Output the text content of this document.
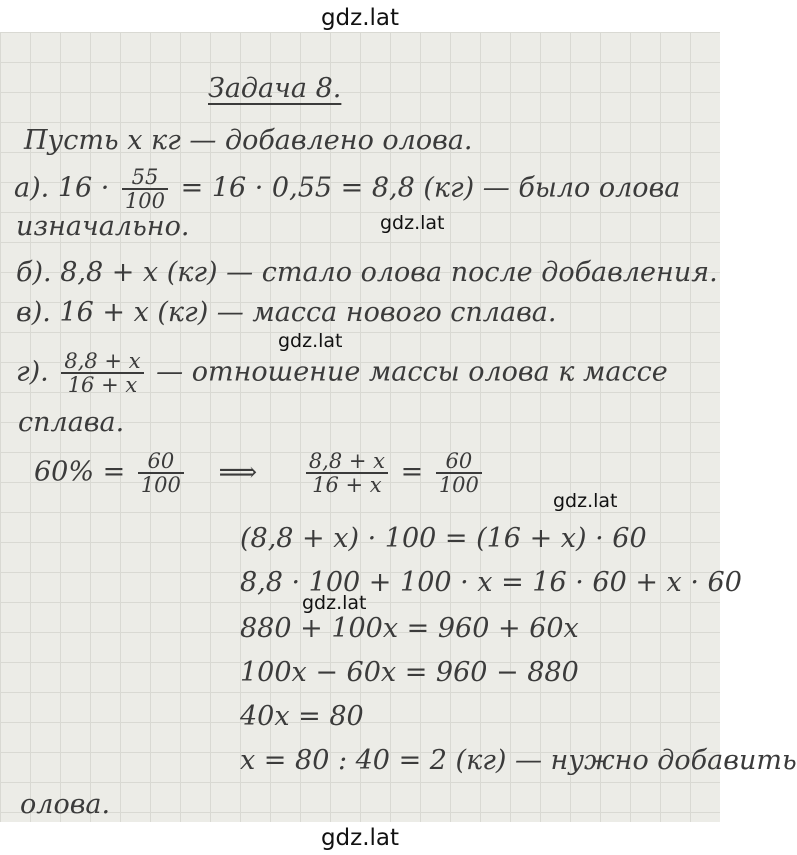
gdz.lat
Задача 8.
Пусть x кг — добавлено олова.
а). $16 \cdot \frac{55}{100} = 16 \cdot 0,55 = 8,8$ (кг) — было олова
изначально.	gdz.lat
б). 8,8 + x (кг) — стало олова после добавления.
в). 16 + x (кг) — масса нового сплава.
gdz.lat
г). $\frac{8,8 + x}{16 + x}$ — отношение массы олова к массе
сплава.
$60\% = \frac{60}{100}$ ⟹ $\frac{8,8 + x}{16 + x} = \frac{60}{100}$
gdz.lat
(8,8 + x) · 100 = (16 + x) · 60
8,8 · 100 + 100 · x = 16 · 60 + x · 60
gdz.lat
880 + 100x = 960 + 60x
100x − 60x = 960 − 880
40x = 80
x = 80 : 40 = 2 (кг) — нужно добавить
олова.
gdz.lat
